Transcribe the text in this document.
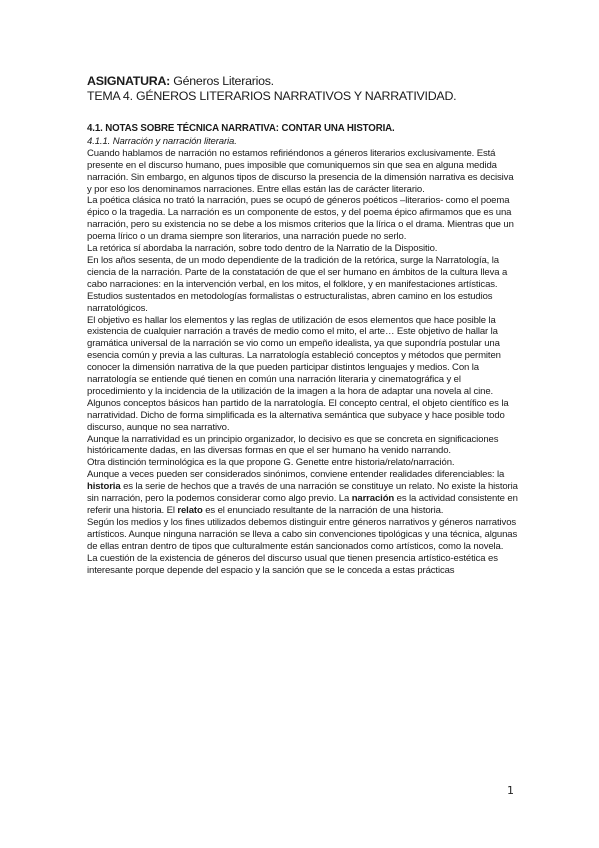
ASIGNATURA: Géneros Literarios.
TEMA 4. GÉNEROS LITERARIOS NARRATIVOS Y NARRATIVIDAD.

4.1. NOTAS SOBRE TÉCNICA NARRATIVA: CONTAR UNA HISTORIA.

4.1.1. Narración y narración literaria.

Cuando hablamos de narración no estamos refiriéndonos a géneros literarios exclusivamente. Está presente en el discurso humano, pues imposible que comuniquemos sin que sea en alguna medida narración. Sin embargo, en algunos tipos de discurso la presencia de la dimensión narrativa es decisiva y por eso los denominamos narraciones. Entre ellas están las de carácter literario.

La poética clásica no trató la narración, pues se ocupó de géneros poéticos –literarios- como el poema épico o la tragedia. La narración es un componente de estos, y del poema épico afirmamos que es una narración, pero su existencia no se debe a los mismos criterios que la lírica o el drama. Mientras que un poema lírico o un drama siempre son literarios, una narración puede no serlo.

La retórica sí abordaba la narración, sobre todo dentro de la Narratio de la Dispositio.

En los años sesenta, de un modo dependiente de la tradición de la retórica, surge la Narratología, la ciencia de la narración. Parte de la constatación de que el ser humano en ámbitos de la cultura lleva a cabo narraciones: en la intervención verbal, en los mitos, el folklore, y en manifestaciones artísticas. Estudios sustentados en metodologías formalistas o estructuralistas, abren camino en los estudios narratológicos.

El objetivo es hallar los elementos y las reglas de utilización de esos elementos que hace posible la existencia de cualquier narración a través de medio como el mito, el arte… Este objetivo de hallar la gramática universal de la narración se vio como un empeño idealista, ya que supondría postular una esencia común y previa a las culturas. La narratología estableció conceptos y métodos que permiten conocer la dimensión narrativa de la que pueden participar distintos lenguajes y medios. Con la narratología se entiende qué tienen en común una narración literaria y cinematográfica y el procedimiento y la incidencia de la utilización de la imagen a la hora de adaptar una novela al cine.

Algunos conceptos básicos han partido de la narratología. El concepto central, el objeto científico es la narratividad. Dicho de forma simplificada es la alternativa semántica que subyace y hace posible todo discurso, aunque no sea narrativo.

Aunque la narratividad es un principio organizador, lo decisivo es que se concreta en significaciones históricamente dadas, en las diversas formas en que el ser humano ha venido narrando.

Otra distinción terminológica es la que propone G. Genette entre historia/relato/narración.

Aunque a veces pueden ser considerados sinónimos, conviene entender realidades diferenciables: la historia es la serie de hechos que a través de una narración se constituye un relato. No existe la historia sin narración, pero la podemos considerar como algo previo. La narración es la actividad consistente en referir una historia. El relato es el enunciado resultante de la narración de una historia.

Según los medios y los fines utilizados debemos distinguir entre géneros narrativos y géneros narrativos artísticos. Aunque ninguna narración se lleva a cabo sin convenciones tipológicas y una técnica, algunas de ellas entran dentro de tipos que culturalmente están sancionados como artísticos, como la novela.

La cuestión de la existencia de géneros del discurso usual que tienen presencia artístico-estética es interesante porque depende del espacio y la sanción que se le conceda a estas prácticas

1
